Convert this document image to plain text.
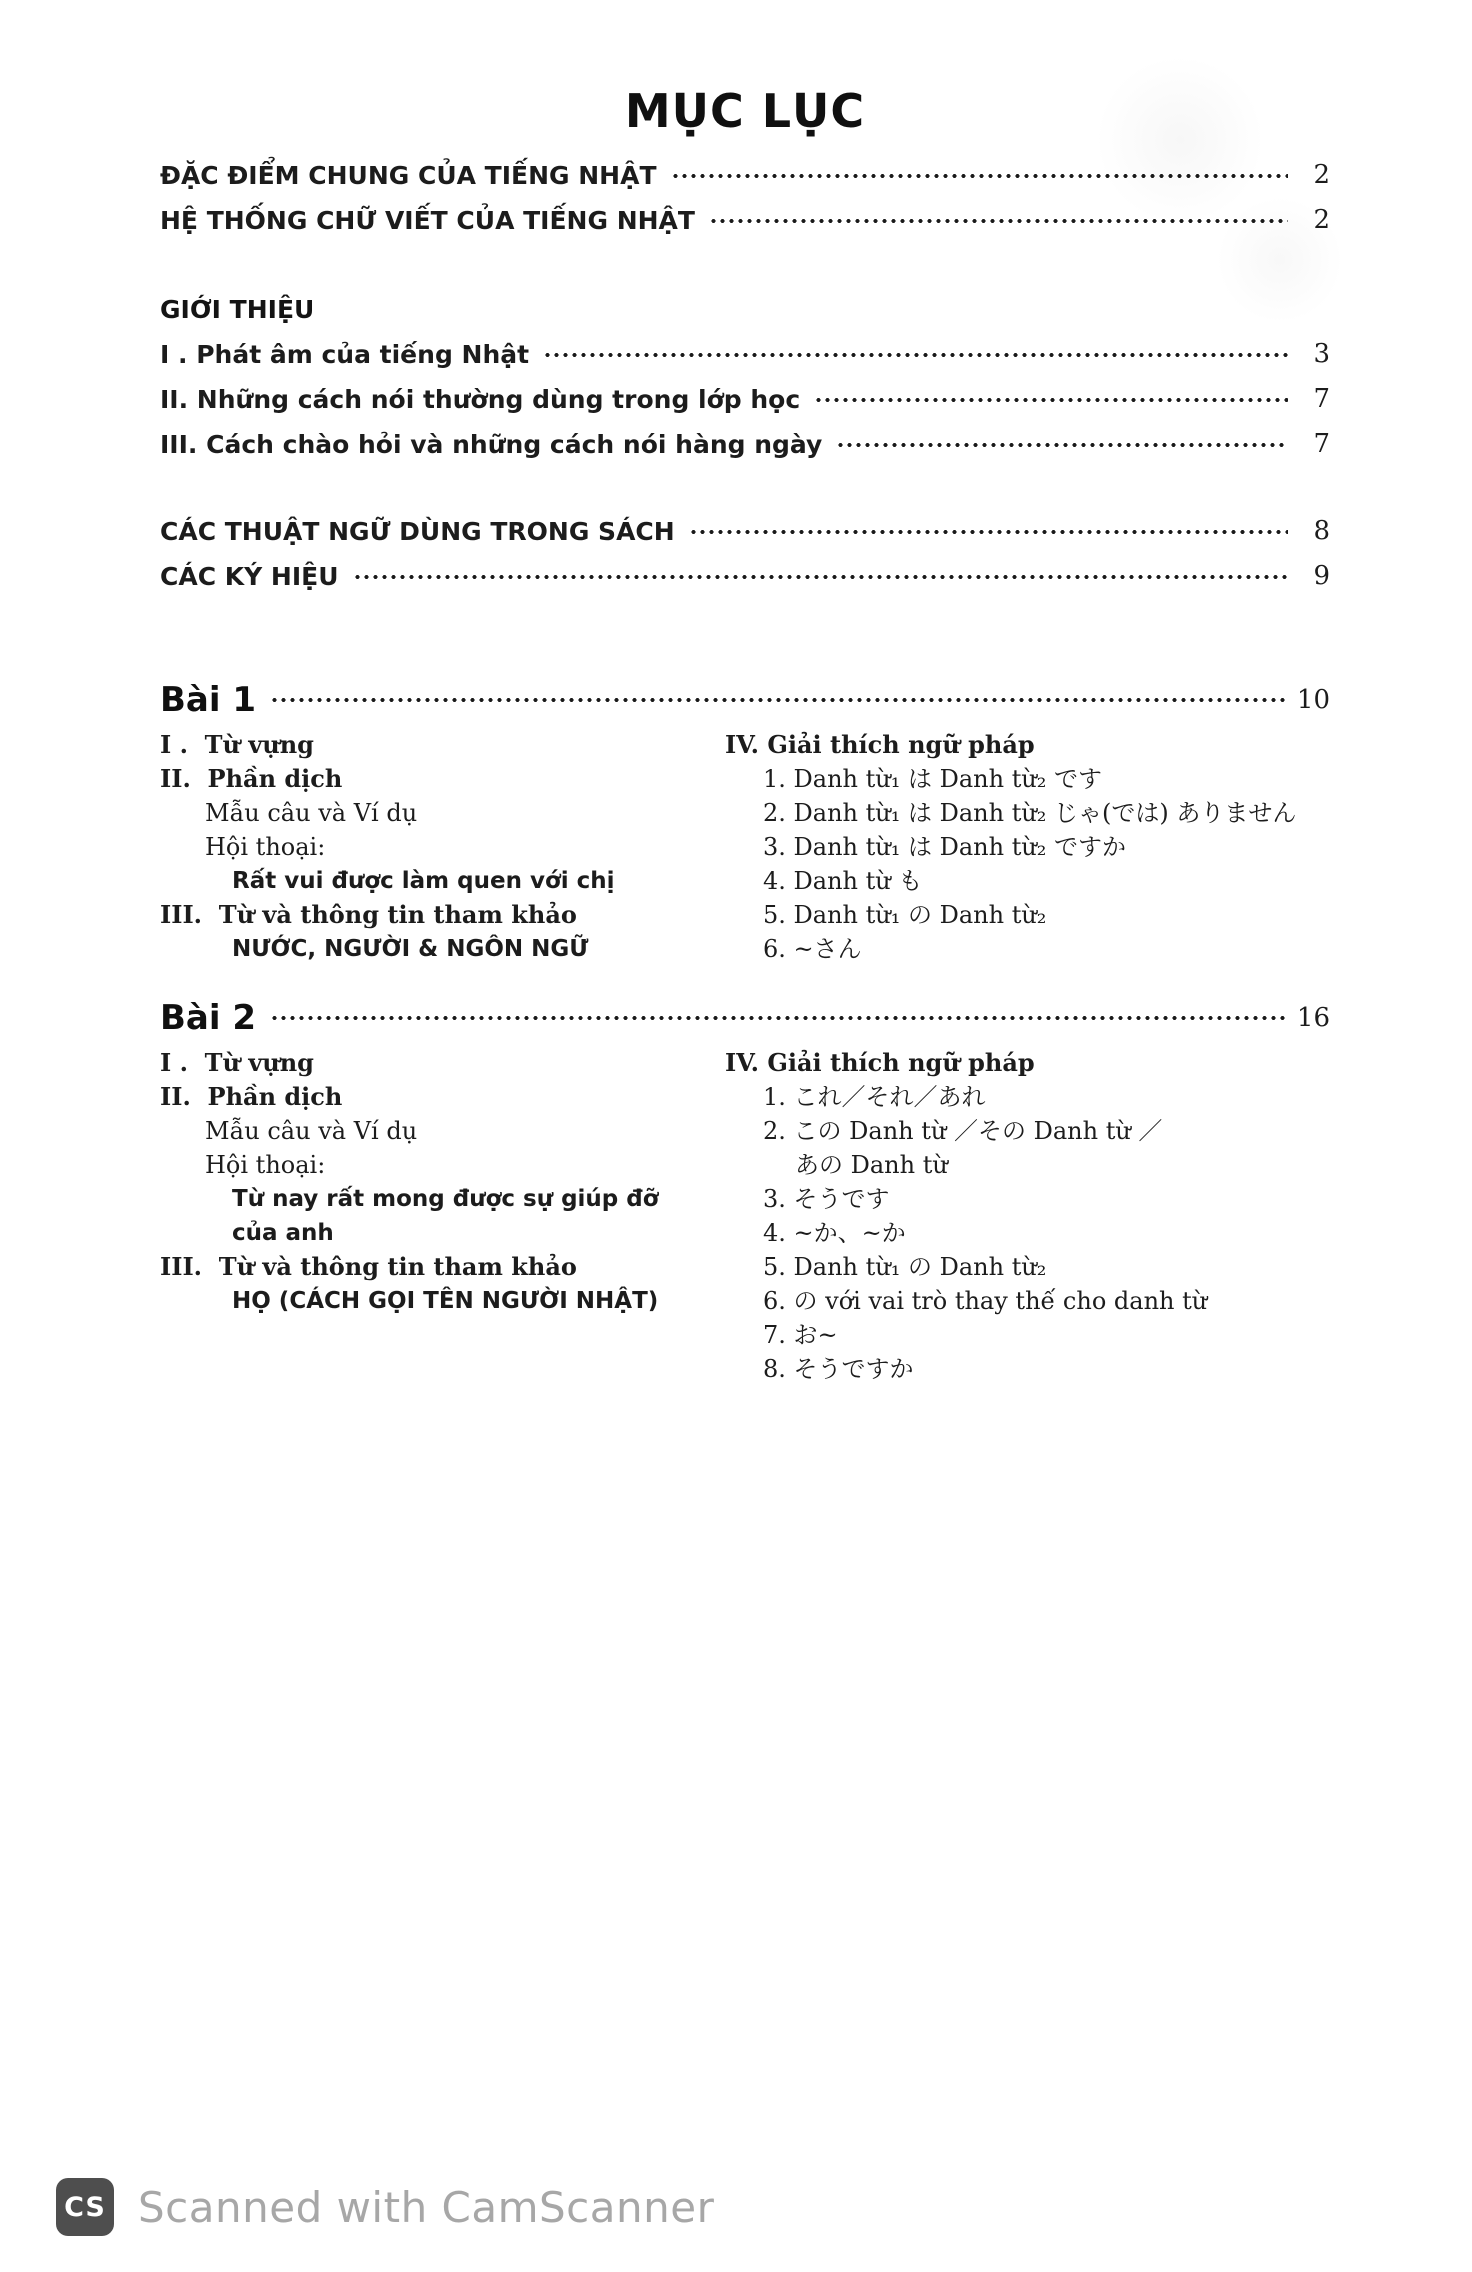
MỤC LỤC
ĐẶC ĐIỂM CHUNG CỦA TIẾNG NHẬT	2
HỆ THỐNG CHỮ VIẾT CỦA TIẾNG NHẬT	2
GIỚI THIỆU
I . Phát âm của tiếng Nhật	3
II. Những cách nói thường dùng trong lớp học	7
III. Cách chào hỏi và những cách nói hàng ngày	7
CÁC THUẬT NGỮ DÙNG TRONG SÁCH	8
CÁC KÝ HIỆU	9
Bài 1	10
I .  Từ vựng
II.  Phần dịch
Mẫu câu và Ví dụ
Hội thoại:
Rất vui được làm quen với chị
III.  Từ và thông tin tham khảo
NƯỚC, NGƯỜI & NGÔN NGỮ
IV. Giải thích ngữ pháp
1. Danh từ₁ は Danh từ₂ です
2. Danh từ₁ は Danh từ₂ じゃ(では) ありません
3. Danh từ₁ は Danh từ₂ ですか
4. Danh từ も
5. Danh từ₁ の Danh từ₂
6. ~さん
Bài 2	16
I .  Từ vựng
II.  Phần dịch
Mẫu câu và Ví dụ
Hội thoại:
Từ nay rất mong được sự giúp đỡ
của anh
III.  Từ và thông tin tham khảo
HỌ (CÁCH GỌI TÊN NGƯỜI NHẬT)
IV. Giải thích ngữ pháp
1. これ／それ／あれ
2. この Danh từ ／その Danh từ ／
あの Danh từ
3. そうです
4. ~か、~か
5. Danh từ₁ の Danh từ₂
6. の với vai trò thay thế cho danh từ
7. お~
8. そうですか
CS Scanned with CamScanner
